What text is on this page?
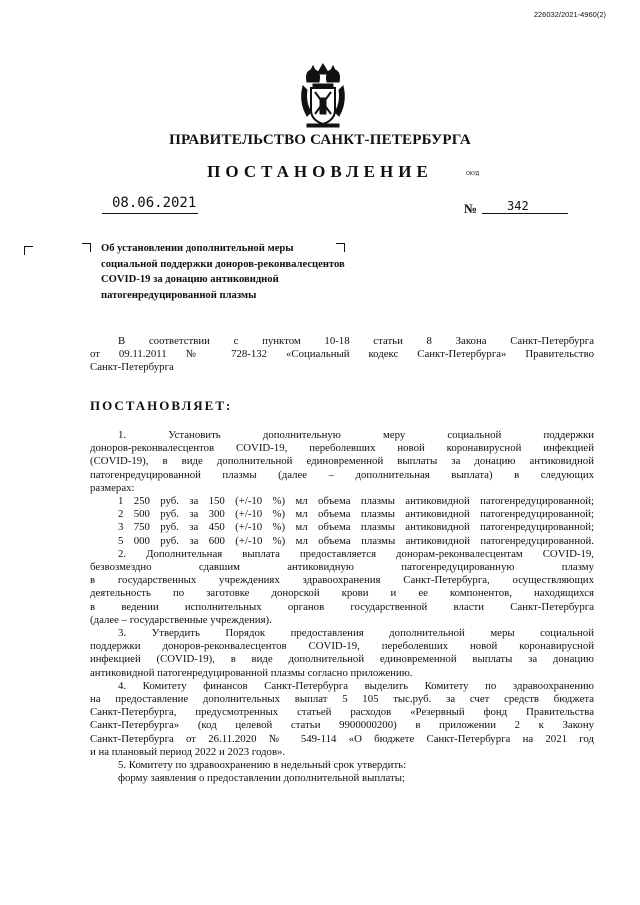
226032/2021-4960(2)
ПРАВИТЕЛЬСТВО САНКТ-ПЕТЕРБУРГА
ПОСТАНОВЛЕНИЕ	ОКУД
08.06.2021	№ 342
Об установлении дополнительной меры
социальной поддержки доноров-реконвалесцентов
COVID-19 за донацию антиковидной
патогенредуцированной плазмы
В соответствии с пунктом 10-18 статьи 8 Закона Санкт-Петербурга
от 09.11.2011 № 728-132 «Социальный кодекс Санкт-Петербурга» Правительство
Санкт-Петербурга
ПОСТАНОВЛЯЕТ:
1. Установить дополнительную меру социальной поддержки
доноров-реконвалесцентов COVID-19, переболевших новой коронавирусной инфекцией
(COVID-19), в виде дополнительной единовременной выплаты за донацию антиковидной
патогенредуцированной плазмы (далее – дополнительная выплата) в следующих
размерах:
1 250 руб. за 150 (+/-10 %) мл объема плазмы антиковидной патогенредуцированной;
2 500 руб. за 300 (+/-10 %) мл объема плазмы антиковидной патогенредуцированной;
3 750 руб. за 450 (+/-10 %) мл объема плазмы антиковидной патогенредуцированной;
5 000 руб. за 600 (+/-10 %) мл объема плазмы антиковидной патогенредуцированной.
2. Дополнительная выплата предоставляется донорам-реконвалесцентам COVID-19,
безвозмездно сдавшим антиковидную патогенредуцированную плазму
в государственных учреждениях здравоохранения Санкт-Петербурга, осуществляющих
деятельность по заготовке донорской крови и ее компонентов, находящихся
в ведении исполнительных органов государственной власти Санкт-Петербурга
(далее – государственные учреждения).
3. Утвердить Порядок предоставления дополнительной меры социальной
поддержки доноров-реконвалесцентов COVID-19, переболевших новой коронавирусной
инфекцией (COVID-19), в виде дополнительной единовременной выплаты за донацию
антиковидной патогенредуцированной плазмы согласно приложению.
4. Комитету финансов Санкт-Петербурга выделить Комитету по здравоохранению
на предоставление дополнительных выплат 5 105 тыс.руб. за счет средств бюджета
Санкт-Петербурга, предусмотренных статьей расходов «Резервный фонд Правительства
Санкт-Петербурга» (код целевой статьи 9900000200) в приложении 2 к Закону
Санкт-Петербурга от 26.11.2020 № 549-114 «О бюджете Санкт-Петербурга на 2021 год
и на плановый период 2022 и 2023 годов».
5. Комитету по здравоохранению в недельный срок утвердить:
форму заявления о предоставлении дополнительной выплаты;
